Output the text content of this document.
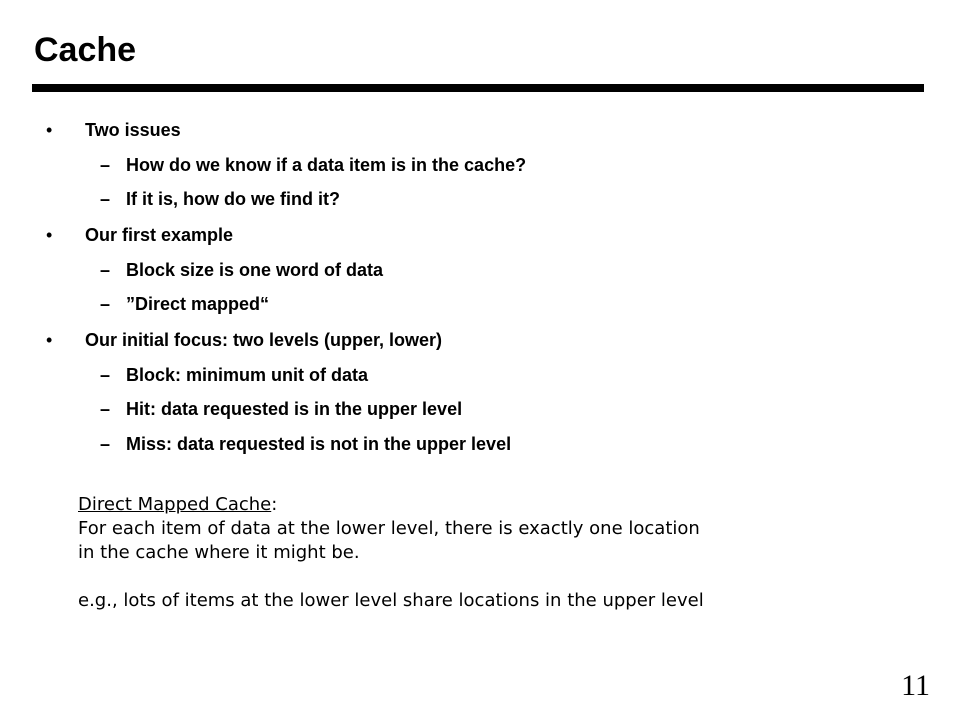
Cache
• Two issues
– How do we know if a data item is in the cache?
– If it is, how do we find it?
• Our first example
– Block size is one word of data
– ”Direct mapped“
• Our initial focus: two levels (upper, lower)
– Block: minimum unit of data
– Hit: data requested is in the upper level
– Miss: data requested is not in the upper level

Direct Mapped Cache:

For each item of data at the lower level, there is exactly one location

in the cache where it might be.

e.g., lots of items at the lower level share locations in the upper level

11
